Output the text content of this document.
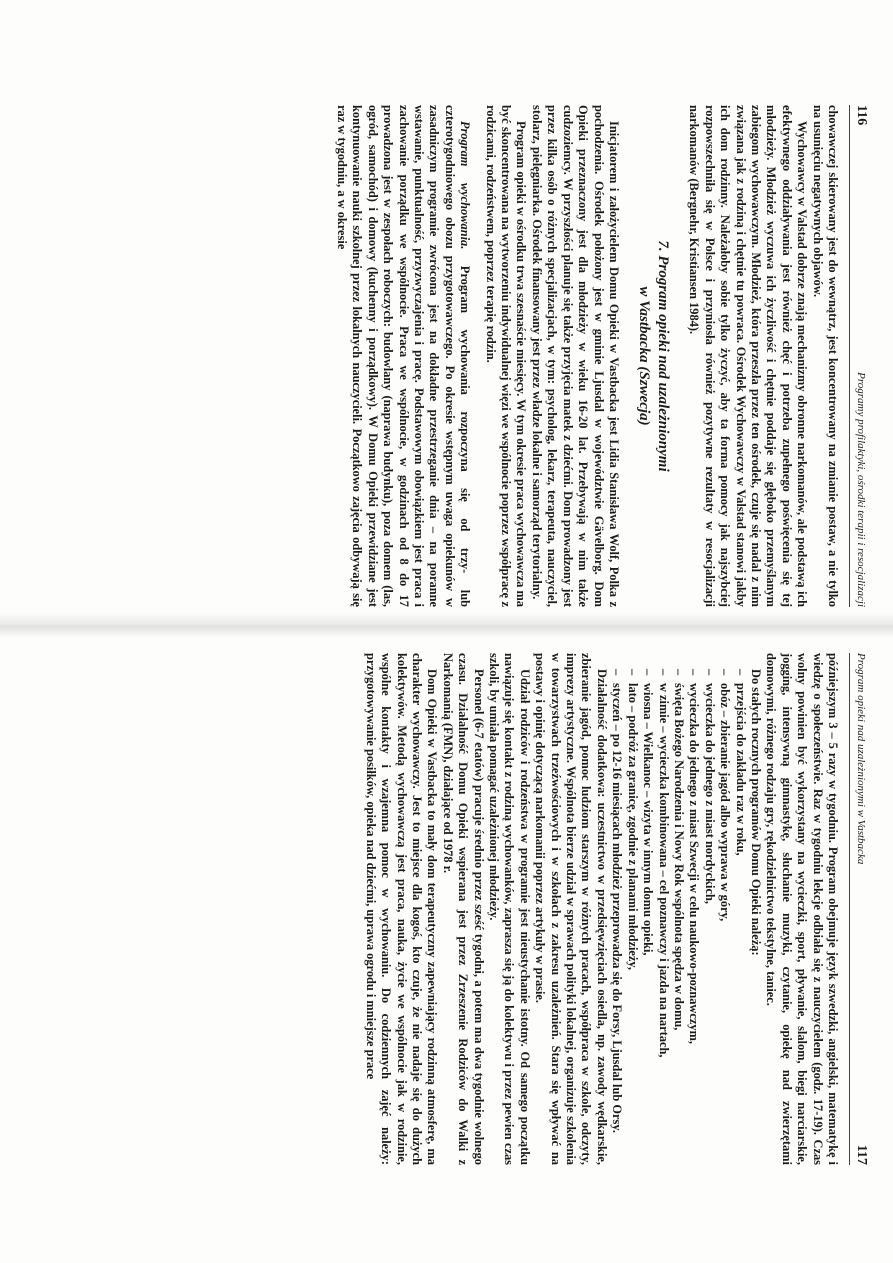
116
Programy profilaktyki, ośrodki terapii i resocjalizacji

chowawczej skierowany jest do wewnątrz, jest koncentrowany na zmianie postaw, a nie tylko na usunięciu negatywnych objawów.

Wychowawcy w Valstad dobrze znają mechanizmy obronne narkomanów, ale podstawą ich efektywnego oddziaływania jest również chęć i potrzeba zupełnego poświęcenia się tej młodzieży. Młodzież wyczuwa ich życzliwość i chętnie poddaje się głęboko przemyślanym zabiegom wychowawczym. Młodzież, która przeszła przez ten ośrodek, czuje się nadal z nim związana jak z rodziną i chętnie tu powraca. Ośrodek Wychowawczy w Valstad stanowi jakby ich dom rodzinny. Należałoby sobie tylko życzyć, aby ta forma pomocy jak najszybciej rozpowszechniła się w Polsce i przyniosła również pozytywne rezultaty w resocjalizacji narkomanów (Bergnehr, Kristiansen 1984).

7. Program opieki nad uzależnionymi
w Vastbacka (Szwecja)

Inicjatorem i założycielem Domu Opieki w Vastbacka jest Lidia Stanisława Wolf, Polka z pochodzenia. Ośrodek położony jest w gminie Ljusdal w województwie Gävelborg. Dom Opieki przeznaczony jest dla młodzieży w wieku 16-20 lat. Przebywają w nim także cudzoziemcy. W przyszłości planuje się także przyjęcia matek z dziećmi. Dom prowadzony jest przez kilka osób o różnych specjalizacjach, w tym: psycholog, lekarz, terapeuta, nauczyciel, stolarz, pielęgniarka. Ośrodek finansowany jest przez władze lokalne i samorząd terytorialny.

Program opieki w ośrodku trwa szesnaście miesięcy. W tym okresie praca wychowawcza ma być skoncentrowana na wytworzeniu indywidualnej więzi we wspólnocie poprzez współpracę z rodzicami, rodzeństwem, poprzez terapię rodzin.

Program wychowania. Program wychowania rozpoczyna się od trzy- lub czterotygodniowego obozu przygotowawczego. Po okresie wstępnym uwaga opiekunów w zasadniczym programie zwrócona jest na dokładne przestrzeganie dnia – na poranne wstawanie, punktualność, przyzwyczajenia i pracę. Podstawowym obowiązkiem jest praca i zachowanie porządku we wspólnocie. Praca we wspólnocie, w godzinach od 8 do 17 prowadzona jest w zespołach roboczych: budowlany (naprawa budynku), poza domem (las, ogród, samochód) i domowy (kuchenny i porządkowy). W Domu Opieki przewidziane jest kontynuowanie nauki szkolnej przez lokalnych nauczycieli. Początkowo zajęcia odbywają się raz w tygodniu, a w okresie

Program opieki nad uzależnionymi w Vastbacka
117

późniejszym 3 – 5 razy w tygodniu. Program obejmuje język szwedzki, angielski, matematykę i wiedzę o społeczeństwie. Raz w tygodniu lekcje odbiała się z nauczycielem (godz. 17-19). Czas wolny powinien być wykorzystany na wycieczki, sport, pływanie, slalom, biegi narciarskie, jogging, intensywną gimnastykę, słuchanie muzyki, czytanie, opiekę nad zwierzętami domowymi, różnego rodzaju gry, rękodzielnictwo tekstylne, taniec.

Do stałych rocznych programów Domu Opieki należą:

– przejścia do zakładu raz w roku,
– obóz – zbieranie jagód albo wyprawa w góry,
– wycieczka do jednego z miast nordyckich,
– wycieczka do jednego z miast Szwecji w celu naukowo-poznawczym,
– święta Bożego Narodzenia i Nowy Rok wspólnota spędza w domu,
– w zimie – wycieczka kombinowana – cel poznawczy i jazda na nartach,
– wiosna – Wielkanoc – wizyta w innym domu opieki,
– lato – podróż za granicę, zgodnie z planami młodzieży,
– styczeń – po 12-16 miesiącach młodzież przeprowadza się do Forsy, Ljusdal lub Orsy.

Działalność dodatkowa: uczestnictwo w przedsięwzięciach osiedla, np. zawody wędkarskie, zbieranie jagód, pomoc ludziom starszym w różnych pracach, współpraca w szkole, odczyty, imprezy artystyczne. Wspólnota bierze udział w sprawach polityki lokalnej, organizuje szkolenia w towarzystwach trzeźwościowych i w szkołach z zakresu uzależnień. Stara się wpływać na postawy i opinię dotyczącą narkomanii poprzez artykuły w prasie.

Udział rodziców i rodzeństwa w programie jest nieustychanie istotny. Od samego początku nawiązuje się kontakt z rodziną wychowanków, zaprasza się ją do kolektywu i przez pewien czas szkoli, by umiała pomagać uzależnionej młodzieży.

Personel (6-7 etatów) pracuje średnio przez sześć tygodni, a potem ma dwa tygodnie wolnego czasu. Działalność Domu Opieki wspierana jest przez Zrzeszenie Rodziców do Walki z Narkomanią (FMN), działające od 1978 r.

Dom Opieki w Vastbacka to mały dom terapeutyczny zapewniający rodzinną atmosferę, ma charakter wychowawczy. Jest to miejsce dla kogoś, kto czuje, że nie nadaje się do dużych kolektywów. Metodą wychowawczą jest praca, nauka, życie we wspólnocie jak w rodzinie, wspólne kontakty i wzajemna pomoc w wychowaniu. Do codziennych zajęć należy: przygotowywanie posiłków, opieka nad dziećmi, uprawa ogrodu i mniejsze prace
